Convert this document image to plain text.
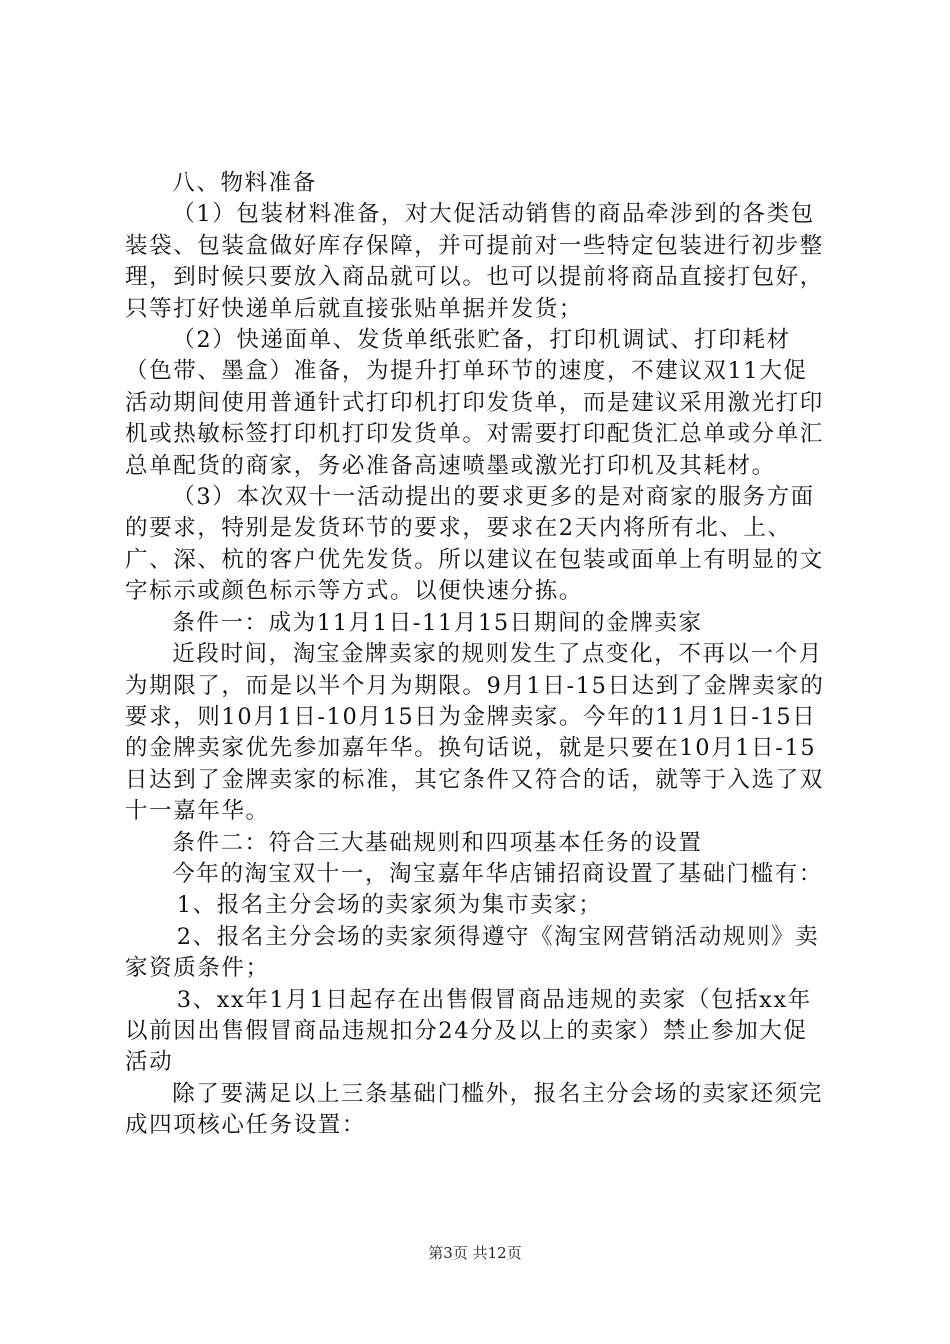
八、物料准备

（1）包装材料准备，对大促活动销售的商品牵涉到的各类包装袋、包装盒做好库存保障，并可提前对一些特定包装进行初步整理，到时候只要放入商品就可以。也可以提前将商品直接打包好，只等打好快递单后就直接张贴单据并发货；

（2）快递面单、发货单纸张贮备，打印机调试、打印耗材（色带、墨盒）准备，为提升打单环节的速度，不建议双11大促活动期间使用普通针式打印机打印发货单，而是建议采用激光打印机或热敏标签打印机打印发货单。对需要打印配货汇总单或分单汇总单配货的商家，务必准备高速喷墨或激光打印机及其耗材。

（3）本次双十一活动提出的要求更多的是对商家的服务方面的要求，特别是发货环节的要求，要求在2天内将所有北、上、广、深、杭的客户优先发货。所以建议在包装或面单上有明显的文字标示或颜色标示等方式。以便快速分拣。

条件一：成为11月1日-11月15日期间的金牌卖家

近段时间，淘宝金牌卖家的规则发生了点变化，不再以一个月为期限了，而是以半个月为期限。9月1日-15日达到了金牌卖家的要求，则10月1日-10月15日为金牌卖家。今年的11月1日-15日的金牌卖家优先参加嘉年华。换句话说，就是只要在10月1日-15日达到了金牌卖家的标准，其它条件又符合的话，就等于入选了双十一嘉年华。

条件二：符合三大基础规则和四项基本任务的设置

今年的淘宝双十一，淘宝嘉年华店铺招商设置了基础门槛有：

1、报名主分会场的卖家须为集市卖家；

2、报名主分会场的卖家须得遵守《淘宝网营销活动规则》卖家资质条件；

3、xx年1月1日起存在出售假冒商品违规的卖家（包括xx年以前因出售假冒商品违规扣分24分及以上的卖家）禁止参加大促活动

除了要满足以上三条基础门槛外，报名主分会场的卖家还须完成四项核心任务设置：

第3页 共12页
